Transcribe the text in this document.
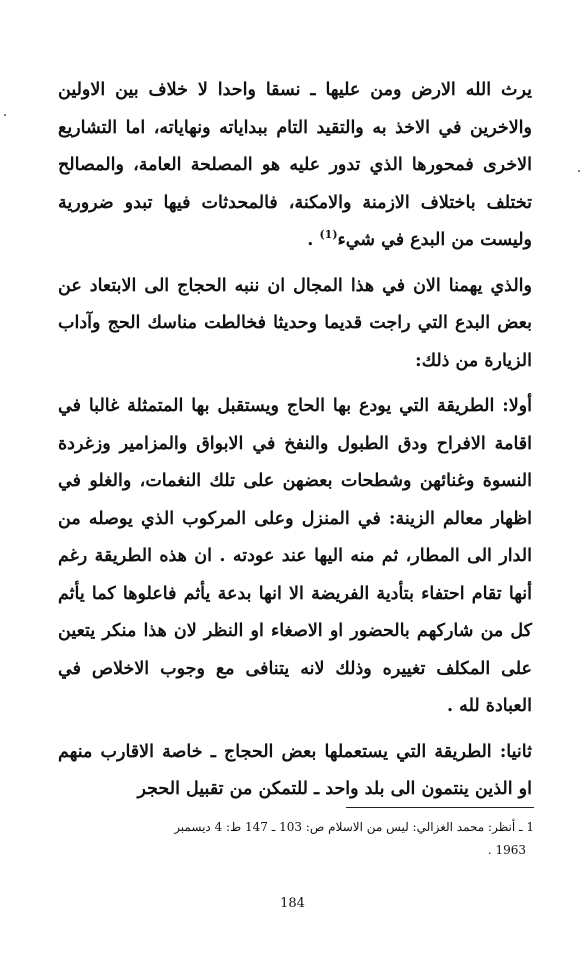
يرث الله الارض ومن عليها ـ نسقا واحدا لا خلاف بين الاولين والاخرين في الاخذ به والتقيد التام ببداياته ونهاياته، اما التشاريع الاخرى فمحورها الذي تدور عليه هو المصلحة العامة، والمصالح تختلف باختلاف الازمنة والامكنة، فالمحدثات فيها تبدو ضرورية وليست من البدع في شيء$^{(1)}$ .

والذي يهمنا الان في هذا المجال ان ننبه الحجاج الى الابتعاد عن بعض البدع التي راجت قديما وحديثا فخالطت مناسك الحج وآداب الزيارة من ذلك:

أولا: الطريقة التي يودع بها الحاج ويستقبل بها المتمثلة غالبا في اقامة الافراح ودق الطبول والنفخ في الابواق والمزامير وزغردة النسوة وغنائهن وشطحات بعضهن على تلك النغمات، والغلو في اظهار معالم الزينة: في المنزل وعلى المركوب الذي يوصله من الدار الى المطار، ثم منه اليها عند عودته . ان هذه الطريقة رغم أنها تقام احتفاء بتأدية الفريضة الا انها بدعة يأثم فاعلوها كما يأثم كل من شاركهم بالحضور او الاصغاء او النظر لان هذا منكر يتعين على المكلف تغييره وذلك لانه يتنافى مع وجوب الاخلاص في العبادة لله .

ثانيا: الطريقة التي يستعملها بعض الحجاج ـ خاصة الاقارب منهم او الذين ينتمون الى بلد واحد ـ للتمكن من تقبيل الحجر

1 ـ أنظر: محمد الغزالي: ليس من الاسلام ص: 103 ـ 147 ط: 4 ديسمبر
1963 .
184
